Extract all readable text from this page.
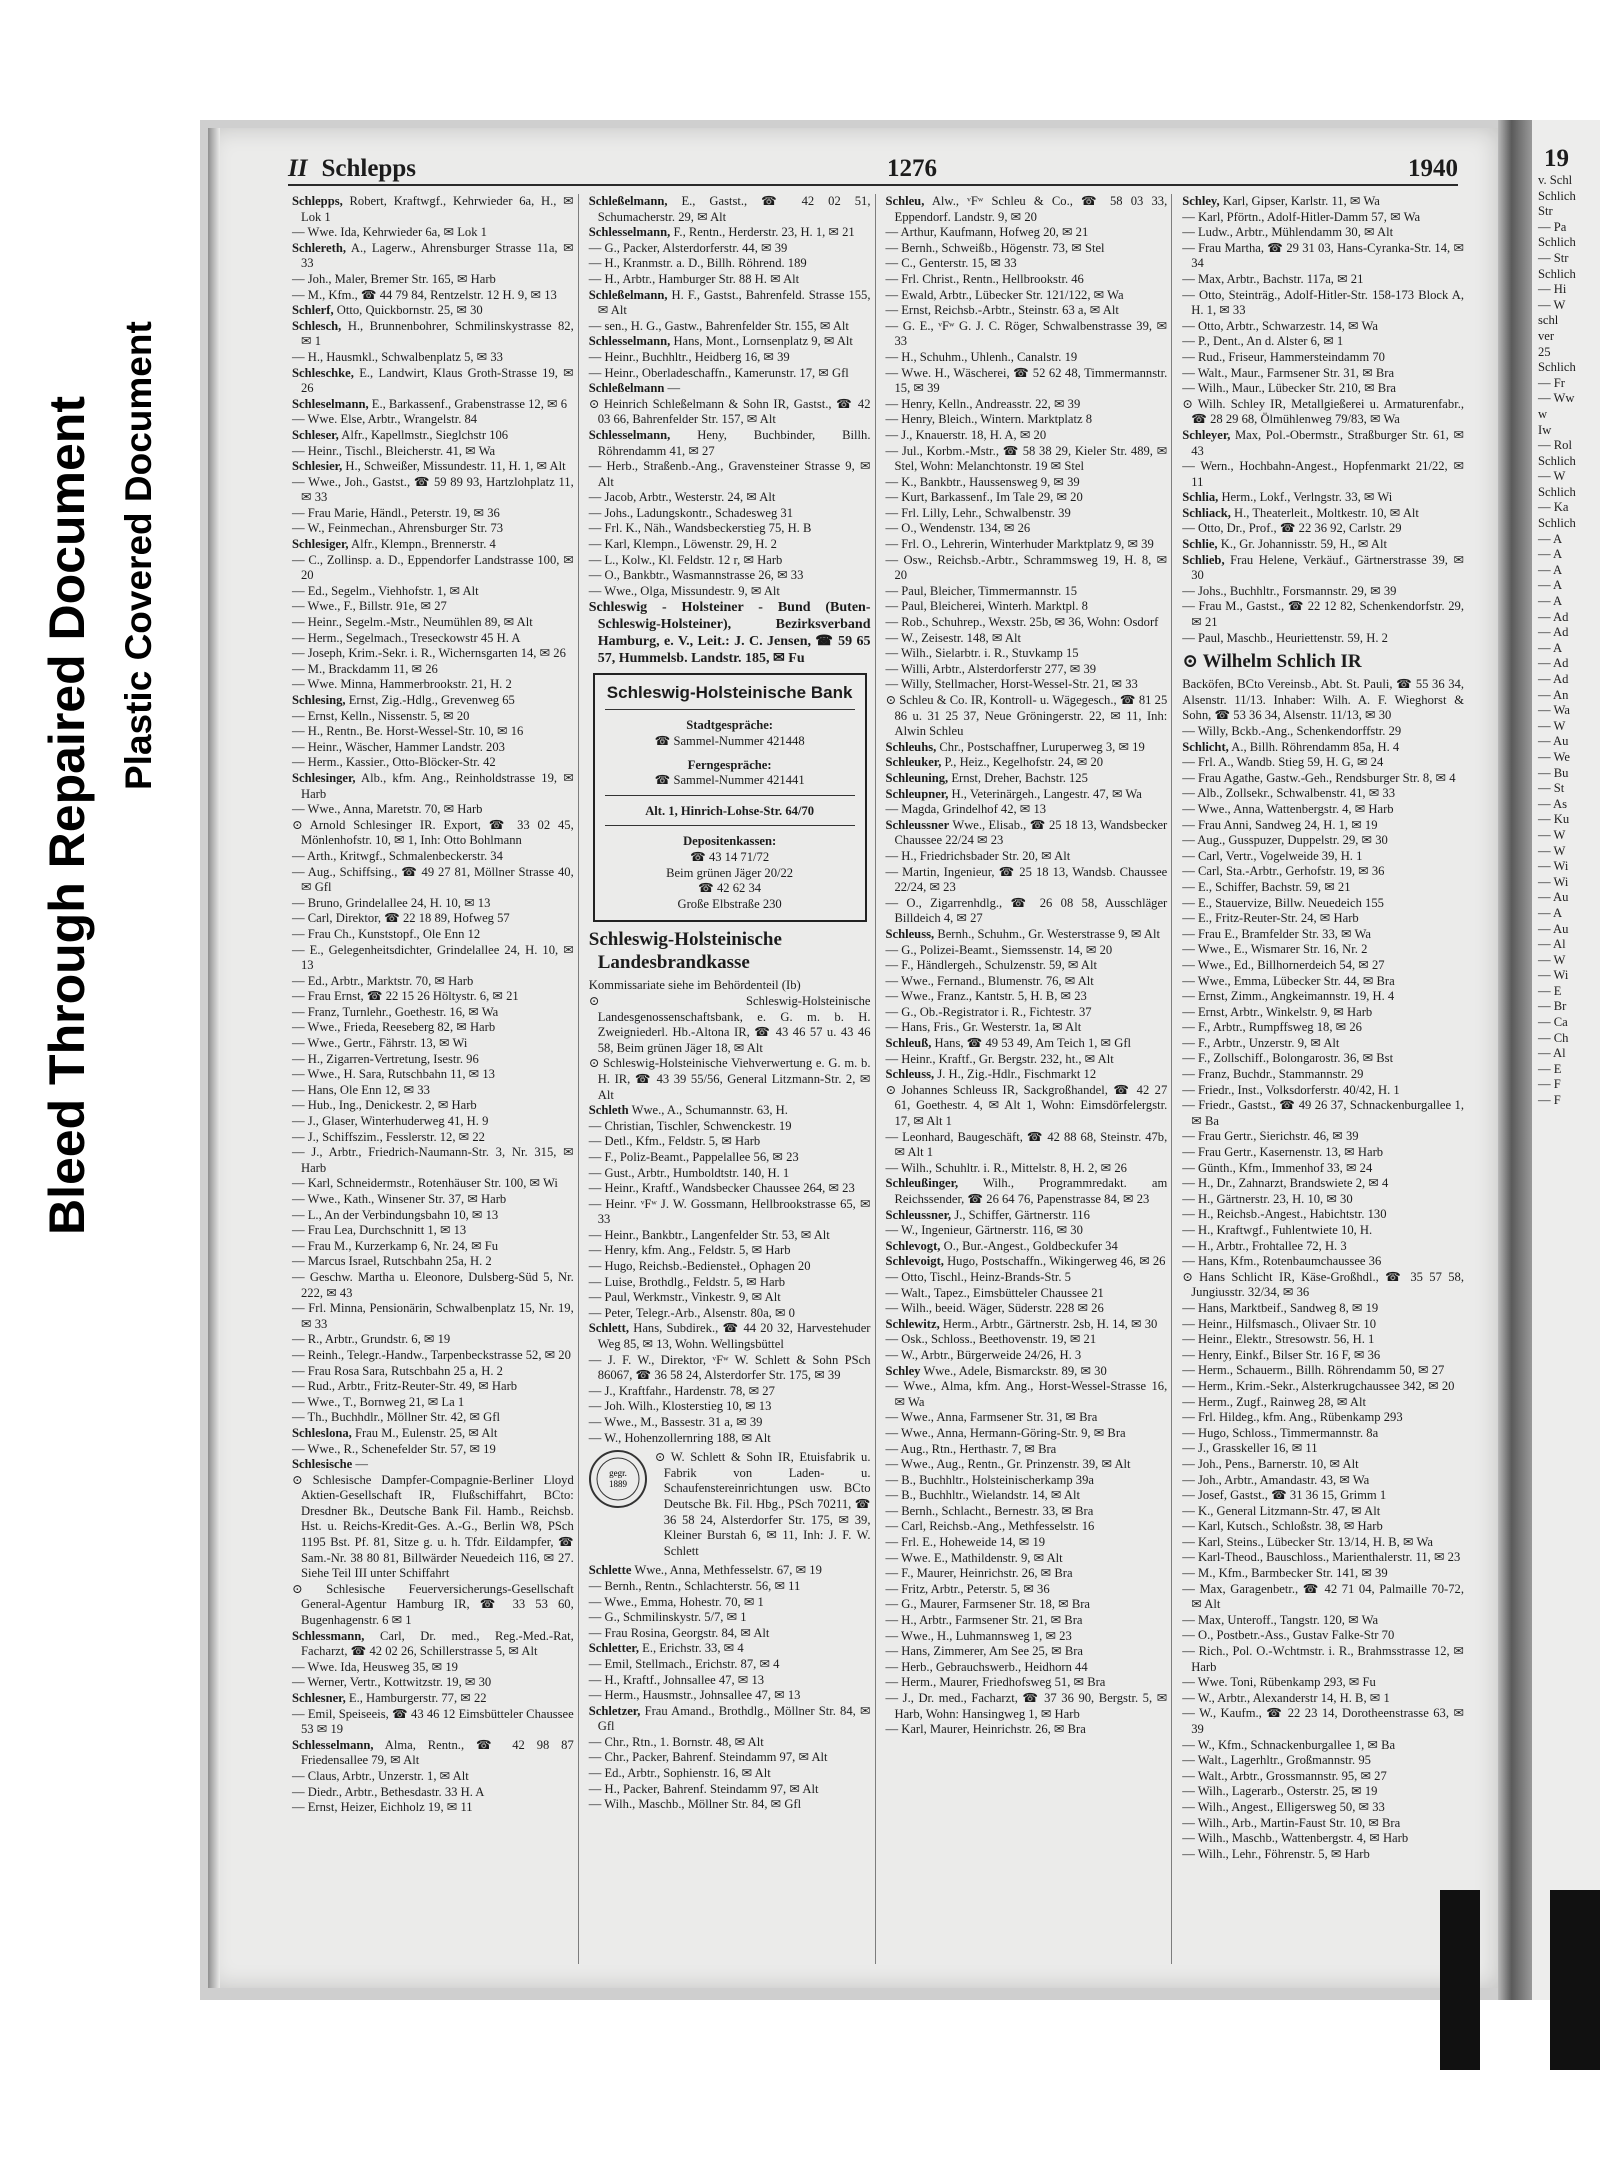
Bleed Through Repaired Document Plastic Covered Document
II Schlepps	1276	1940

Schlepps, Robert, Kraftwgf., Kehrwieder 6a, H., ✉ Lok 1

— Wwe. Ida, Kehrwieder 6a, ✉ Lok 1

Schlereth, A., Lagerw., Ahrensburger Strasse 11a, ✉ 33

— Joh., Maler, Bremer Str. 165, ✉ Harb

— M., Kfm., ☎ 44 79 84, Rentzelstr. 12 H. 9, ✉ 13

Schlerf, Otto, Quickbornstr. 25, ✉ 30

Schlesch, H., Brunnenbohrer, Schmilinskystrasse 82, ✉ 1

— H., Hausmkl., Schwalbenplatz 5, ✉ 33

Schleschke, E., Landwirt, Klaus Groth-Strasse 19, ✉ 26

Schleselmann, E., Barkassenf., Grabenstrasse 12, ✉ 6

— Wwe. Else, Arbtr., Wrangelstr. 84

Schleser, Alfr., Kapellmstr., Sieglchstr 106

— Heinr., Tischl., Bleicherstr. 41, ✉ Wa

Schlesier, H., Schweißer, Missundestr. 11, H. 1, ✉ Alt

— Wwe., Joh., Gastst., ☎ 59 89 93, Hartzlohplatz 11, ✉ 33

— Frau Marie, Händl., Peterstr. 19, ✉ 36

— W., Feinmechan., Ahrensburger Str. 73

Schlesiger, Alfr., Klempn., Brennerstr. 4

— C., Zollinsp. a. D., Eppendorfer Landstrasse 100, ✉ 20

— Ed., Segelm., Viehhofstr. 1, ✉ Alt

— Wwe., F., Billstr. 91e, ✉ 27

— Heinr., Segelm.-Mstr., Neumühlen 89, ✉ Alt

— Herm., Segelmach., Treseckowstr 45 H. A

— Joseph, Krim.-Sekr. i. R., Wichernsgarten 14, ✉ 26

— M., Brackdamm 11, ✉ 26

— Wwe. Minna, Hammerbrookstr. 21, H. 2

Schlesing, Ernst, Zig.-Hdlg., Grevenweg 65

— Ernst, Kelln., Nissenstr. 5, ✉ 20

— H., Rentn., Be. Horst-Wessel-Str. 10, ✉ 16

— Heinr., Wäscher, Hammer Landstr. 203

— Herm., Kassier., Otto-Blöcker-Str. 42

Schlesinger, Alb., kfm. Ang., Reinholdstrasse 19, ✉ Harb

— Wwe., Anna, Maretstr. 70, ✉ Harb

⊙ Arnold Schlesinger IR. Export, ☎ 33 02 45, Mönlenhofstr. 10, ✉ 1, Inh: Otto Bohlmann

— Arth., Kritwgf., Schmalenbeckerstr. 34

— Aug., Schiffsing., ☎ 49 27 81, Möllner Strasse 40, ✉ Gfl

— Bruno, Grindelallee 24, H. 10, ✉ 13

— Carl, Direktor, ☎ 22 18 89, Hofweg 57

— Frau Ch., Kunststopf., Ole Enn 12

— E., Gelegenheitsdichter, Grindelallee 24, H. 10, ✉ 13

— Ed., Arbtr., Marktstr. 70, ✉ Harb

— Frau Ernst, ☎ 22 15 26 Höltystr. 6, ✉ 21

— Franz, Turnlehr., Goethestr. 16, ✉ Wa

— Wwe., Frieda, Reeseberg 82, ✉ Harb

— Wwe., Gertr., Fährstr. 13, ✉ Wi

— H., Zigarren-Vertretung, Isestr. 96

— Wwe., H. Sara, Rutschbahn 11, ✉ 13

— Hans, Ole Enn 12, ✉ 33

— Hub., Ing., Denickestr. 2, ✉ Harb

— J., Glaser, Winterhuderweg 41, H. 9

— J., Schiffszim., Fesslerstr. 12, ✉ 22

— J., Arbtr., Friedrich-Naumann-Str. 3, Nr. 315, ✉ Harb

— Karl, Schneidermstr., Rotenhäuser Str. 100, ✉ Wi

— Wwe., Kath., Winsener Str. 37, ✉ Harb

— L., An der Verbindungsbahn 10, ✉ 13

— Frau Lea, Durchschnitt 1, ✉ 13

— Frau M., Kurzerkamp 6, Nr. 24, ✉ Fu

— Marcus Israel, Rutschbahn 25a, H. 2

— Geschw. Martha u. Eleonore, Dulsberg-Süd 5, Nr. 222, ✉ 43

— Frl. Minna, Pensionärin, Schwalbenplatz 15, Nr. 19, ✉ 33

— R., Arbtr., Grundstr. 6, ✉ 19

— Reinh., Telegr.-Handw., Tarpenbeckstrasse 52, ✉ 20

— Frau Rosa Sara, Rutschbahn 25 a, H. 2

— Rud., Arbtr., Fritz-Reuter-Str. 49, ✉ Harb

— Wwe., T., Bornweg 21, ✉ La 1

— Th., Buchhdlr., Möllner Str. 42, ✉ Gfl

Schleslona, Frau M., Eulenstr. 25, ✉ Alt

— Wwe., R., Schenefelder Str. 57, ✉ 19

Schlesische —

⊙ Schlesische Dampfer-Compagnie-Berliner Lloyd Aktien-Gesellschaft IR, Flußschiffahrt, BCto: Dresdner Bk., Deutsche Bank Fil. Hamb., Reichsb. Hst. u. Reichs-Kredit-Ges. A.-G., Berlin W8, PSch 1195 Bst. Pf. 81, Sitze g. u. h. Tfdr. Eildampfer, ☎ Sam.-Nr. 38 80 81, Billwärder Neuedeich 116, ✉ 27. Siehe Teil III unter Schiffahrt

⊙ Schlesische Feuerversicherungs-Gesellschaft General-Agentur Hamburg IR, ☎ 33 53 60, Bugenhagenstr. 6 ✉ 1

Schlessmann, Carl, Dr. med., Reg.-Med.-Rat, Facharzt, ☎ 42 02 26, Schillerstrasse 5, ✉ Alt

— Wwe. Ida, Heusweg 35, ✉ 19

— Werner, Vertr., Kottwitzstr. 19, ✉ 30

Schlesner, E., Hamburgerstr. 77, ✉ 22

— Emil, Speiseeis, ☎ 43 46 12 Eimsbütteler Chaussee 53 ✉ 19

Schlesselmann, Alma, Rentn., ☎ 42 98 87 Friedensallee 79, ✉ Alt

— Claus, Arbtr., Unzerstr. 1, ✉ Alt

— Diedr., Arbtr., Bethesdastr. 33 H. A

— Ernst, Heizer, Eichholz 19, ✉ 11

Schleßelmann, E., Gastst., ☎ 42 02 51, Schumacherstr. 29, ✉ Alt

Schlesselmann, F., Rentn., Herderstr. 23, H. 1, ✉ 21

— G., Packer, Alsterdorferstr. 44, ✉ 39

— H., Kranmstr. a. D., Billh. Röhrend. 189

— H., Arbtr., Hamburger Str. 88 H. ✉ Alt

Schleßelmann, H. F., Gastst., Bahrenfeld. Strasse 155, ✉ Alt

— sen., H. G., Gastw., Bahrenfelder Str. 155, ✉ Alt

Schlesselmann, Hans, Mont., Lornsenplatz 9, ✉ Alt

— Heinr., Buchhltr., Heidberg 16, ✉ 39

— Heinr., Oberladeschaffn., Kamerunstr. 17, ✉ Gfl

Schleßelmann —

⊙ Heinrich Schleßelmann & Sohn IR, Gastst., ☎ 42 03 66, Bahrenfelder Str. 157, ✉ Alt

Schlesselmann, Heny, Buchbinder, Billh. Röhrendamm 41, ✉ 27

— Herb., Straßenb.-Ang., Gravensteiner Strasse 9, ✉ Alt

— Jacob, Arbtr., Westerstr. 24, ✉ Alt

— Johs., Ladungskontr., Schadesweg 31

— Frl. K., Näh., Wandsbeckerstieg 75, H. B

— Karl, Klempn., Löwenstr. 29, H. 2

— L., Kolw., Kl. Feldstr. 12 r, ✉ Harb

— O., Bankbtr., Wasmannstrasse 26, ✉ 33

— Wwe., Olga, Missundestr. 9, ✉ Alt

Schleswig - Holsteiner - Bund (Buten-Schleswig-Holsteiner), Bezirksverband Hamburg, e. V., Leit.: J. C. Jensen, ☎ 59 65 57, Hummelsb. Landstr. 185, ✉ Fu

Schleswig-Holsteinische Bank
Stadtgespräche:
☎ Sammel-Nummer 421448
Ferngespräche:
☎ Sammel-Nummer 421441
Alt. 1, Hinrich-Lohse-Str. 64/70
Depositenkassen:
☎ 43 14 71/72
Beim grünen Jäger 20/22
☎ 42 62 34
Große Elbstraße 230

Schleswig-Holsteinische Landesbrandkasse

Kommissariate siehe im Behördenteil (Ib)

⊙ Schleswig-Holsteinische Landesgenossenschaftsbank, e. G. m. b. H. Zweigniederl. Hb.-Altona IR, ☎ 43 46 57 u. 43 46 58, Beim grünen Jäger 18, ✉ Alt

⊙ Schleswig-Holsteinische Viehverwertung e. G. m. b. H. IR, ☎ 43 39 55/56, General Litzmann-Str. 2, ✉ Alt

Schleth Wwe., A., Schumannstr. 63, H.

— Christian, Tischler, Schwenckestr. 19

— Detl., Kfm., Feldstr. 5, ✉ Harb

— F., Poliz-Beamt., Pappelallee 56, ✉ 23

— Gust., Arbtr., Humboldtstr. 140, H. 1

— Heinr., Kraftf., Wandsbecker Chaussee 264, ✉ 23

— Heinr. ᵛFʷ J. W. Gossmann, Hellbrookstrasse 65, ✉ 33

— Heinr., Bankbtr., Langenfelder Str. 53, ✉ Alt

— Henry, kfm. Ang., Feldstr. 5, ✉ Harb

— Hugo, Reichsb.-Bediensteł., Ophagen 20

— Luise, Brothdlg., Feldstr. 5, ✉ Harb

— Paul, Werkmstr., Vinkestr. 9, ✉ Alt

— Peter, Telegr.-Arb., Alsenstr. 80a, ✉ 0

Schlett, Hans, Subdirek., ☎ 44 20 32, Harvestehuder Weg 85, ✉ 13, Wohn. Wellingsbüttel

— J. F. W., Direktor, ᵛFʷ W. Schlett & Sohn PSch 86067, ☎ 36 58 24, Alsterdorfer Str. 175, ✉ 39

— J., Kraftfahr., Hardenstr. 78, ✉ 27

— Joh. Wilh., Klosterstieg 10, ✉ 13

— Wwe., M., Bassestr. 31 a, ✉ 39

— W., Hohenzollernring 188, ✉ Alt

gegr.
1889

⊙ W. Schlett & Sohn IR, Etuisfabrik u. Fabrik von Laden- u. Schaufenstereinrichtungen usw. BCto Deutsche Bk. Fil. Hbg., PSch 70211, ☎ 36 58 24, Alsterdorfer Str. 175, ✉ 39, Kleiner Burstah 6, ✉ 11, Inh: J. F. W. Schlett

Schlette Wwe., Anna, Methfesselstr. 67, ✉ 19

— Bernh., Rentn., Schlachterstr. 56, ✉ 11

— Wwe., Emma, Hohestr. 70, ✉ 1

— G., Schmilinskystr. 5/7, ✉ 1

— Frau Rosina, Georgstr. 84, ✉ Alt

Schletter, E., Erichstr. 33, ✉ 4

— Emil, Stellmach., Erichstr. 87, ✉ 4

— H., Kraftf., Johnsallee 47, ✉ 13

— Herm., Hausmstr., Johnsallee 47, ✉ 13

Schletzer, Frau Amand., Brothdlg., Möllner Str. 84, ✉ Gfl

— Chr., Rtn., 1. Bornstr. 48, ✉ Alt

— Chr., Packer, Bahrenf. Steindamm 97, ✉ Alt

— Ed., Arbtr., Sophienstr. 16, ✉ Alt

— H., Packer, Bahrenf. Steindamm 97, ✉ Alt

— Wilh., Maschb., Möllner Str. 84, ✉ Gfl

Schleu, Alw., ᵛFʷ Schleu & Co., ☎ 58 03 33, Eppendorf. Landstr. 9, ✉ 20

— Arthur, Kaufmann, Hofweg 20, ✉ 21

— Bernh., Schweißb., Högenstr. 73, ✉ Stel

— C., Genterstr. 15, ✉ 33

— Frl. Christ., Rentn., Hellbrookstr. 46

— Ewald, Arbtr., Lübecker Str. 121/122, ✉ Wa

— Ernst, Reichsb.-Arbtr., Steinstr. 63 a, ✉ Alt

— G. E., ᵛFʷ G. J. C. Röger, Schwalbenstrasse 39, ✉ 33

— H., Schuhm., Uhlenh., Canalstr. 19

— Wwe. H., Wäscherei, ☎ 52 62 48, Timmermannstr. 15, ✉ 39

— Henry, Kelln., Andreasstr. 22, ✉ 39

— Henry, Bleich., Wintern. Marktplatz 8

— J., Knauerstr. 18, H. A, ✉ 20

— Jul., Korbm.-Mstr., ☎ 58 38 29, Kieler Str. 489, ✉ Stel, Wohn: Melanchtonstr. 19 ✉ Stel

— K., Bankbtr., Haussensweg 9, ✉ 39

— Kurt, Barkassenf., Im Tale 29, ✉ 20

— Frl. Lilly, Lehr., Schwalbenstr. 39

— O., Wendenstr. 134, ✉ 26

— Frl. O., Lehrerin, Winterhuder Marktplatz 9, ✉ 39

— Osw., Reichsb.-Arbtr., Schrammsweg 19, H. 8, ✉ 20

— Paul, Bleicher, Timmermannstr. 15

— Paul, Bleicherei, Winterh. Marktpl. 8

— Rob., Schuhrep., Wexstr. 25b, ✉ 36, Wohn: Osdorf

— W., Zeisestr. 148, ✉ Alt

— Wilh., Sielarbtr. i. R., Stuvkamp 15

— Willi, Arbtr., Alsterdorferstr 277, ✉ 39

— Willy, Stellmacher, Horst-Wessel-Str. 21, ✉ 33

⊙ Schleu & Co. IR, Kontroll- u. Wägegesch., ☎ 81 25 86 u. 31 25 37, Neue Gröningerstr. 22, ✉ 11, Inh: Alwin Schleu

Schleuhs, Chr., Postschaffner, Luruperweg 3, ✉ 19

Schleuker, P., Heiz., Kegelhofstr. 24, ✉ 20

Schleuning, Ernst, Dreher, Bachstr. 125

Schleupner, H., Veterinärgeh., Langestr. 47, ✉ Wa

— Magda, Grindelhof 42, ✉ 13

Schleussner Wwe., Elisab., ☎ 25 18 13, Wandsbecker Chaussee 22/24 ✉ 23

— H., Friedrichsbader Str. 20, ✉ Alt

— Martin, Ingenieur, ☎ 25 18 13, Wandsb. Chaussee 22/24, ✉ 23

— O., Zigarrenhdlg., ☎ 26 08 58, Ausschläger Billdeich 4, ✉ 27

Schleuss, Bernh., Schuhm., Gr. Westerstrasse 9, ✉ Alt

— G., Polizei-Beamt., Siemssenstr. 14, ✉ 20

— F., Händlergeh., Schulzenstr. 59, ✉ Alt

— Wwe., Fernand., Blumenstr. 76, ✉ Alt

— Wwe., Franz., Kantstr. 5, H. B, ✉ 23

— G., Ob.-Registrator i. R., Fichtestr. 37

— Hans, Fris., Gr. Westerstr. 1a, ✉ Alt

Schleuß, Hans, ☎ 49 53 49, Am Teich 1, ✉ Gfl

— Heinr., Kraftf., Gr. Bergstr. 232, ht., ✉ Alt

Schleuss, J. H., Zig.-Hdlr., Fischmarkt 12

⊙ Johannes Schleuss IR, Sackgroßhandel, ☎ 42 27 61, Goethestr. 4, ✉ Alt 1, Wohn: Eimsdörfelergstr. 17, ✉ Alt 1

— Leonhard, Baugeschäft, ☎ 42 88 68, Steinstr. 47b, ✉ Alt 1

— Wilh., Schuhltr. i. R., Mittelstr. 8, H. 2, ✉ 26

Schleußinger, Wilh., Programmredakt. am Reichssender, ☎ 26 64 76, Papenstrasse 84, ✉ 23

Schleussner, J., Schiffer, Gärtnerstr. 116

— W., Ingenieur, Gärtnerstr. 116, ✉ 30

Schlevogt, O., Bur.-Angest., Goldbeckufer 34

Schlevoigt, Hugo, Postschaffn., Wikingerweg 46, ✉ 26

— Otto, Tischl., Heinz-Brands-Str. 5

— Walt., Tapez., Eimsbütteler Chaussee 21

— Wilh., beeid. Wäger, Süderstr. 228 ✉ 26

Schlewitz, Herm., Arbtr., Gärtnerstr. 2sb, H. 14, ✉ 30

— Osk., Schloss., Beethovenstr. 19, ✉ 21

— W., Arbtr., Bürgerweide 24/26, H. 3

Schley Wwe., Adele, Bismarckstr. 89, ✉ 30

— Wwe., Alma, kfm. Ang., Horst-Wessel-Strasse 16, ✉ Wa

— Wwe., Anna, Farmsener Str. 31, ✉ Bra

— Wwe., Anna, Hermann-Göring-Str. 9, ✉ Bra

— Aug., Rtn., Herthastr. 7, ✉ Bra

— Wwe., Aug., Rentn., Gr. Prinzenstr. 39, ✉ Alt

— B., Buchhltr., Holsteinischerkamp 39a

— B., Buchhltr., Wielandstr. 14, ✉ Alt

— Bernh., Schlacht., Bernestr. 33, ✉ Bra

— Carl, Reichsb.-Ang., Methfesselstr. 16

— Frl. E., Hoheweide 14, ✉ 19

— Wwe. E., Mathildenstr. 9, ✉ Alt

— F., Maurer, Heinrichstr. 26, ✉ Bra

— Fritz, Arbtr., Peterstr. 5, ✉ 36

— G., Maurer, Farmsener Str. 18, ✉ Bra

— H., Arbtr., Farmsener Str. 21, ✉ Bra

— Wwe., H., Luhmannsweg 1, ✉ 23

— Hans, Zimmerer, Am See 25, ✉ Bra

— Herb., Gebrauchswerb., Heidhorn 44

— Herm., Maurer, Friedhofsweg 51, ✉ Bra

— J., Dr. med., Facharzt, ☎ 37 36 90, Bergstr. 5, ✉ Harb, Wohn: Hansingweg 1, ✉ Harb

— Karl, Maurer, Heinrichstr. 26, ✉ Bra

Schley, Karl, Gipser, Karlstr. 11, ✉ Wa

— Karl, Pförtn., Adolf-Hitler-Damm 57, ✉ Wa

— Ludw., Arbtr., Mühlendamm 30, ✉ Alt

— Frau Martha, ☎ 29 31 03, Hans-Cyranka-Str. 14, ✉ 34

— Max, Arbtr., Bachstr. 117a, ✉ 21

— Otto, Steinträg., Adolf-Hitler-Str. 158-173 Block A, H. 1, ✉ 33

— Otto, Arbtr., Schwarzestr. 14, ✉ Wa

— P., Dent., An d. Alster 6, ✉ 1

— Rud., Friseur, Hammersteindamm 70

— Walt., Maur., Farmsener Str. 31, ✉ Bra

— Wilh., Maur., Lübecker Str. 210, ✉ Bra

⊙ Wilh. Schley IR, Metallgießerei u. Armaturenfabr., ☎ 28 29 68, Ölmühlenweg 79/83, ✉ Wa

Schleyer, Max, Pol.-Obermstr., Straßburger Str. 61, ✉ 43

— Wern., Hochbahn-Angest., Hopfenmarkt 21/22, ✉ 11

Schlia, Herm., Lokf., Verlngstr. 33, ✉ Wi

Schliack, H., Theaterleit., Moltkestr. 10, ✉ Alt

— Otto, Dr., Prof., ☎ 22 36 92, Carlstr. 29

Schlie, K., Gr. Johannisstr. 59, H., ✉ Alt

Schlieb, Frau Helene, Verkäuf., Gärtnerstrasse 39, ✉ 30

— Johs., Buchhltr., Forsmannstr. 29, ✉ 39

— Frau M., Gastst., ☎ 22 12 82, Schenkendorfstr. 29, ✉ 21

— Paul, Maschb., Heuriettenstr. 59, H. 2

⊙ Wilhelm Schlich IR

Backöfen, BCto Vereinsb., Abt. St. Pauli, ☎ 55 36 34, Alsenstr. 11/13. Inhaber: Wilh. A. F. Wieghorst & Sohn, ☎ 53 36 34, Alsenstr. 11/13, ✉ 30

— Willy, Bckb.-Ang., Schenkendorffstr. 29

Schlicht, A., Billh. Röhrendamm 85a, H. 4

— Frl. A., Wandb. Stieg 59, H. G, ✉ 24

— Frau Agathe, Gastw.-Geh., Rendsburger Str. 8, ✉ 4

— Alb., Zollsekr., Schwalbenstr. 41, ✉ 33

— Wwe., Anna, Wattenbergstr. 4, ✉ Harb

— Frau Anni, Sandweg 24, H. 1, ✉ 19

— Aug., Gusspuzer, Duppelstr. 29, ✉ 30

— Carl, Vertr., Vogelweide 39, H. 1

— Carl, Sta.-Arbtr., Gerhofstr. 19, ✉ 36

— E., Schiffer, Bachstr. 59, ✉ 21

— E., Stauervize, Billw. Neuedeich 155

— E., Fritz-Reuter-Str. 24, ✉ Harb

— Frau E., Bramfelder Str. 33, ✉ Wa

— Wwe., E., Wismarer Str. 16, Nr. 2

— Wwe., Ed., Billhornerdeich 54, ✉ 27

— Wwe., Emma, Lübecker Str. 44, ✉ Bra

— Ernst, Zimm., Angkeimannstr. 19, H. 4

— Ernst, Arbtr., Winkelstr. 9, ✉ Harb

— F., Arbtr., Rumpffsweg 18, ✉ 26

— F., Arbtr., Unzerstr. 9, ✉ Alt

— F., Zollschiff., Bolongarostr. 36, ✉ Bst

— Franz, Buchdr., Stammannstr. 29

— Friedr., Inst., Volksdorferstr. 40/42, H. 1

— Friedr., Gastst., ☎ 49 26 37, Schnackenburgallee 1, ✉ Ba

— Frau Gertr., Sierichstr. 46, ✉ 39

— Frau Gertr., Kasernenstr. 13, ✉ Harb

— Günth., Kfm., Immenhof 33, ✉ 24

— H., Dr., Zahnarzt, Brandswiete 2, ✉ 4

— H., Gärtnerstr. 23, H. 10, ✉ 30

— H., Reichsb.-Angest., Habichtstr. 130

— H., Kraftwgf., Fuhlentwiete 10, H.

— H., Arbtr., Frohtallee 72, H. 3

— Hans, Kfm., Rotenbaumchaussee 36

⊙ Hans Schlicht IR, Käse-Großhdl., ☎ 35 57 58, Jungiusstr. 32/34, ✉ 36

— Hans, Marktbeif., Sandweg 8, ✉ 19

— Heinr., Hilfsmasch., Olivaer Str. 10

— Heinr., Elektr., Stresowstr. 56, H. 1

— Henry, Einkf., Bilser Str. 16 F, ✉ 36

— Herm., Schauerm., Billh. Röhrendamm 50, ✉ 27

— Herm., Krim.-Sekr., Alsterkrugchaussee 342, ✉ 20

— Herm., Zugf., Rainweg 28, ✉ Alt

— Frl. Hildeg., kfm. Ang., Rübenkamp 293

— Hugo, Schloss., Timmermannstr. 8a

— J., Grasskeller 16, ✉ 11

— Joh., Pens., Barnerstr. 10, ✉ Alt

— Joh., Arbtr., Amandastr. 43, ✉ Wa

— Josef, Gastst., ☎ 31 36 15, Grimm 1

— K., General Litzmann-Str. 47, ✉ Alt

— Karl, Kutsch., Schloßstr. 38, ✉ Harb

— Karl, Steins., Lübecker Str. 13/14, H. B, ✉ Wa

— Karl-Theod., Bauschloss., Marienthalerstr. 11, ✉ 23

— M., Kfm., Barmbecker Str. 141, ✉ 39

— Max, Garagenbetr., ☎ 42 71 04, Palmaille 70-72, ✉ Alt

— Max, Unteroff., Tangstr. 120, ✉ Wa

— O., Postbetr.-Ass., Gustav Falke-Str 70

— Rich., Pol. O.-Wchtmstr. i. R., Brahmsstrasse 12, ✉ Harb

— Wwe. Toni, Rübenkamp 293, ✉ Fu

— W., Arbtr., Alexanderstr 14, H. B, ✉ 1

— W., Kaufm., ☎ 22 23 14, Dorotheenstrasse 63, ✉ 39

— W., Kfm., Schnackenburgallee 1, ✉ Ba

— Walt., Lagerhltr., Großmannstr. 95

— Walt., Arbtr., Grossmannstr. 95, ✉ 27

— Wilh., Lagerarb., Osterstr. 25, ✉ 19

— Wilh., Angest., Elligersweg 50, ✉ 33

— Wilh., Arb., Martin-Faust Str. 10, ✉ Bra

— Wilh., Maschb., Wattenbergstr. 4, ✉ Harb

— Wilh., Lehr., Föhrenstr. 5, ✉ Harb

19
v. Schl
Schlich
Str
— Pa
Schlich
— Str
Schlich
— Hi
— W
schl
ver
25
Schlich
— Fr
— Ww
w
Iw
— Rol
Schlich
— W
Schlich
— Ka
Schlich
— A
— A
— A
— A
— A
— Ad
— Ad
— A
— Ad
— Ad
— An
— Wa
— W
— Au
— We
— Bu
— St
— As
— Ku
— W
— W
— Wi
— Wi
— Au
— A
— Au
— Al
— W
— Wi
— E
— Br
— Ca
— Ch
— Al
— E
— F
— F
